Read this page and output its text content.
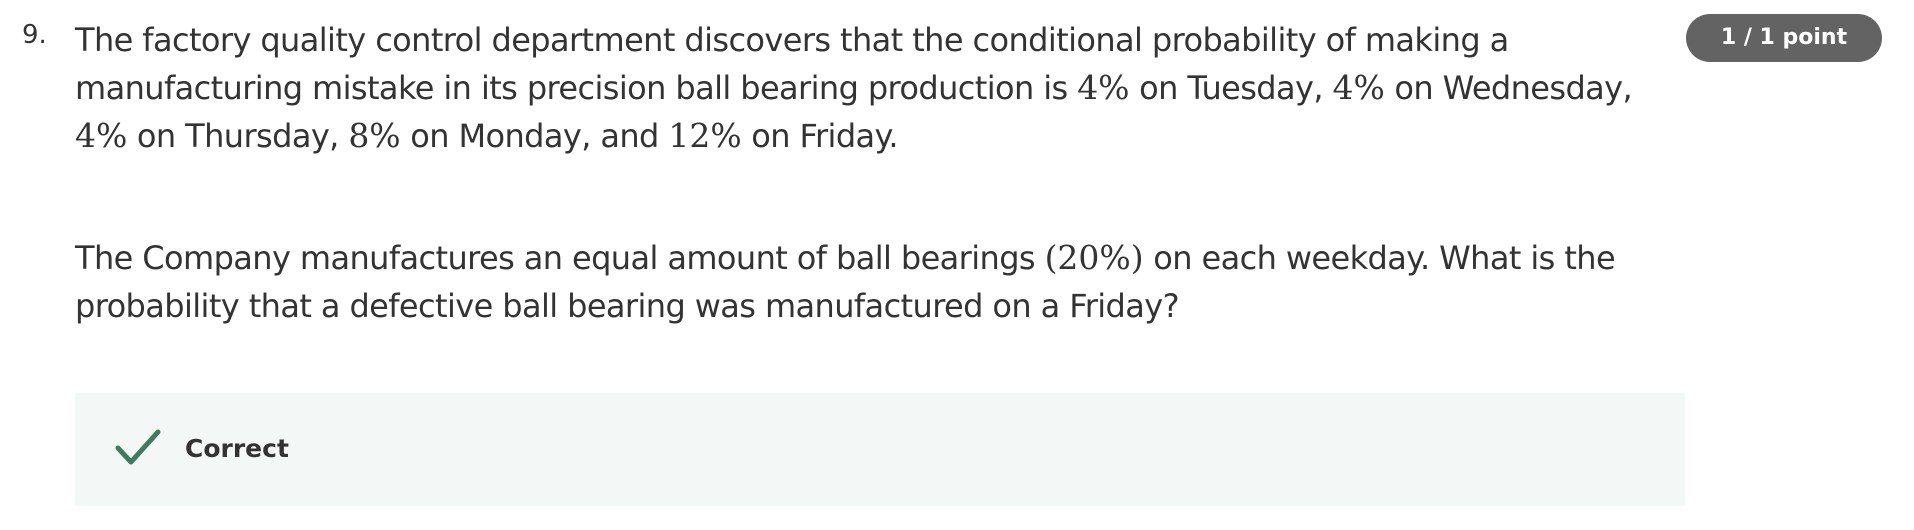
9.	1 / 1 point

The factory quality control department discovers that the conditional probability of making a manufacturing mistake in its precision ball bearing production is 4% on Tuesday, 4% on Wednesday, 4% on Thursday, 8% on Monday, and 12% on Friday.

The Company manufactures an equal amount of ball bearings (20%) on each weekday. What is the probability that a defective ball bearing was manufactured on a Friday?

Correct
